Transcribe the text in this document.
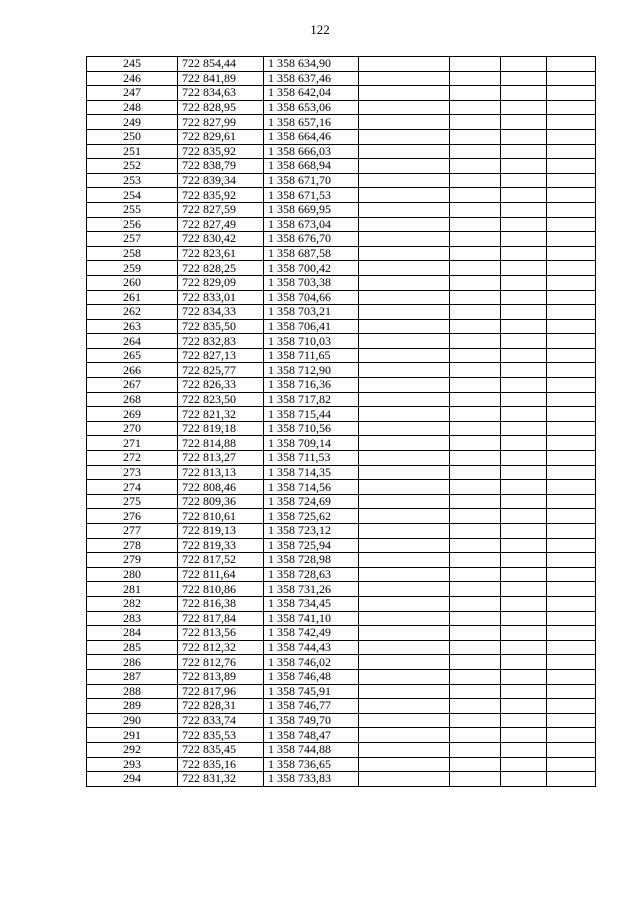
122
245	722 854,44	1 358 634,90				
246	722 841,89	1 358 637,46				
247	722 834,63	1 358 642,04				
248	722 828,95	1 358 653,06				
249	722 827,99	1 358 657,16				
250	722 829,61	1 358 664,46				
251	722 835,92	1 358 666,03				
252	722 838,79	1 358 668,94				
253	722 839,34	1 358 671,70				
254	722 835,92	1 358 671,53				
255	722 827,59	1 358 669,95				
256	722 827,49	1 358 673,04				
257	722 830,42	1 358 676,70				
258	722 823,61	1 358 687,58				
259	722 828,25	1 358 700,42				
260	722 829,09	1 358 703,38				
261	722 833,01	1 358 704,66				
262	722 834,33	1 358 703,21				
263	722 835,50	1 358 706,41				
264	722 832,83	1 358 710,03				
265	722 827,13	1 358 711,65				
266	722 825,77	1 358 712,90				
267	722 826,33	1 358 716,36				
268	722 823,50	1 358 717,82				
269	722 821,32	1 358 715,44				
270	722 819,18	1 358 710,56				
271	722 814,88	1 358 709,14				
272	722 813,27	1 358 711,53				
273	722 813,13	1 358 714,35				
274	722 808,46	1 358 714,56				
275	722 809,36	1 358 724,69				
276	722 810,61	1 358 725,62				
277	722 819,13	1 358 723,12				
278	722 819,33	1 358 725,94				
279	722 817,52	1 358 728,98				
280	722 811,64	1 358 728,63				
281	722 810,86	1 358 731,26				
282	722 816,38	1 358 734,45				
283	722 817,84	1 358 741,10				
284	722 813,56	1 358 742,49				
285	722 812,32	1 358 744,43				
286	722 812,76	1 358 746,02				
287	722 813,89	1 358 746,48				
288	722 817,96	1 358 745,91				
289	722 828,31	1 358 746,77				
290	722 833,74	1 358 749,70				
291	722 835,53	1 358 748,47				
292	722 835,45	1 358 744,88				
293	722 835,16	1 358 736,65				
294	722 831,32	1 358 733,83				
